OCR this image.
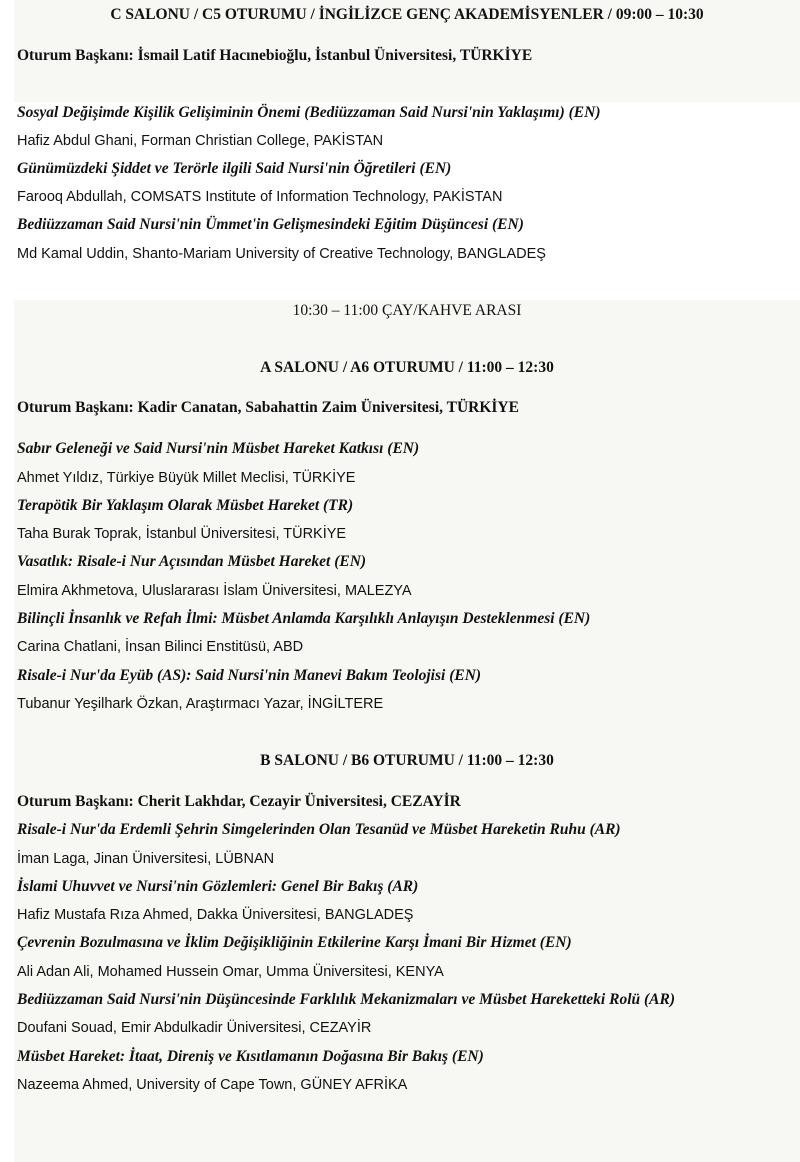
C SALONU / C5 OTURUMU / İNGİLİZCE GENÇ AKADEMİSYENLER / 09:00 – 10:30
Oturum Başkanı: İsmail Latif Hacınebioğlu, İstanbul Üniversitesi, TÜRKİYE
Sosyal Değişimde Kişilik Gelişiminin Önemi (Bediüzzaman Said Nursi'nin Yaklaşımı) (EN)
Hafiz Abdul Ghani, Forman Christian College, PAKİSTAN
Günümüzdeki Şiddet ve Terörle ilgili Said Nursi'nin Öğretileri (EN)
Farooq Abdullah, COMSATS Institute of Information Technology, PAKİSTAN
Bediüzzaman Said Nursi'nin Ümmet'in Gelişmesindeki Eğitim Düşüncesi (EN)
Md Kamal Uddin, Shanto-Mariam University of Creative Technology, BANGLADEŞ
10:30 – 11:00 ÇAY/KAHVE ARASI
A SALONU / A6 OTURUMU / 11:00 – 12:30
Oturum Başkanı: Kadir Canatan, Sabahattin Zaim Üniversitesi, TÜRKİYE
Sabır Geleneği ve Said Nursi'nin Müsbet Hareket Katkısı (EN)
Ahmet Yıldız, Türkiye Büyük Millet Meclisi, TÜRKİYE
Terapötik Bir Yaklaşım Olarak Müsbet Hareket (TR)
Taha Burak Toprak, İstanbul Üniversitesi, TÜRKİYE
Vasatlık: Risale-i Nur Açısından Müsbet Hareket (EN)
Elmira Akhmetova, Uluslararası İslam Üniversitesi, MALEZYA
Bilinçli İnsanlık ve Refah İlmi: Müsbet Anlamda Karşılıklı Anlayışın Desteklenmesi (EN)
Carina Chatlani, İnsan Bilinci Enstitüsü, ABD
Risale-i Nur'da Eyüb (AS): Said Nursi'nin Manevi Bakım Teolojisi (EN)
Tubanur Yeşilhark Özkan, Araştırmacı Yazar, İNGİLTERE
B SALONU / B6 OTURUMU / 11:00 – 12:30
Oturum Başkanı: Cherit Lakhdar, Cezayir Üniversitesi, CEZAYİR
Risale-i Nur'da Erdemli Şehrin Simgelerinden Olan Tesanüd ve Müsbet Hareketin Ruhu (AR)
İman Laga, Jinan Üniversitesi, LÜBNAN
İslami Uhuvvet ve Nursi'nin Gözlemleri: Genel Bir Bakış (AR)
Hafiz Mustafa Rıza Ahmed, Dakka Üniversitesi, BANGLADEŞ
Çevrenin Bozulmasına ve İklim Değişikliğinin Etkilerine Karşı İmani Bir Hizmet (EN)
Ali Adan Ali, Mohamed Hussein Omar, Umma Üniversitesi, KENYA
Bediüzzaman Said Nursi'nin Düşüncesinde Farklılık Mekanizmaları ve Müsbet Hareketteki Rolü (AR)
Doufani Souad, Emir Abdulkadir Üniversitesi, CEZAYİR
Müsbet Hareket: İtaat, Direniş ve Kısıtlamanın Doğasına Bir Bakış (EN)
Nazeema Ahmed, University of Cape Town, GÜNEY AFRİKA
